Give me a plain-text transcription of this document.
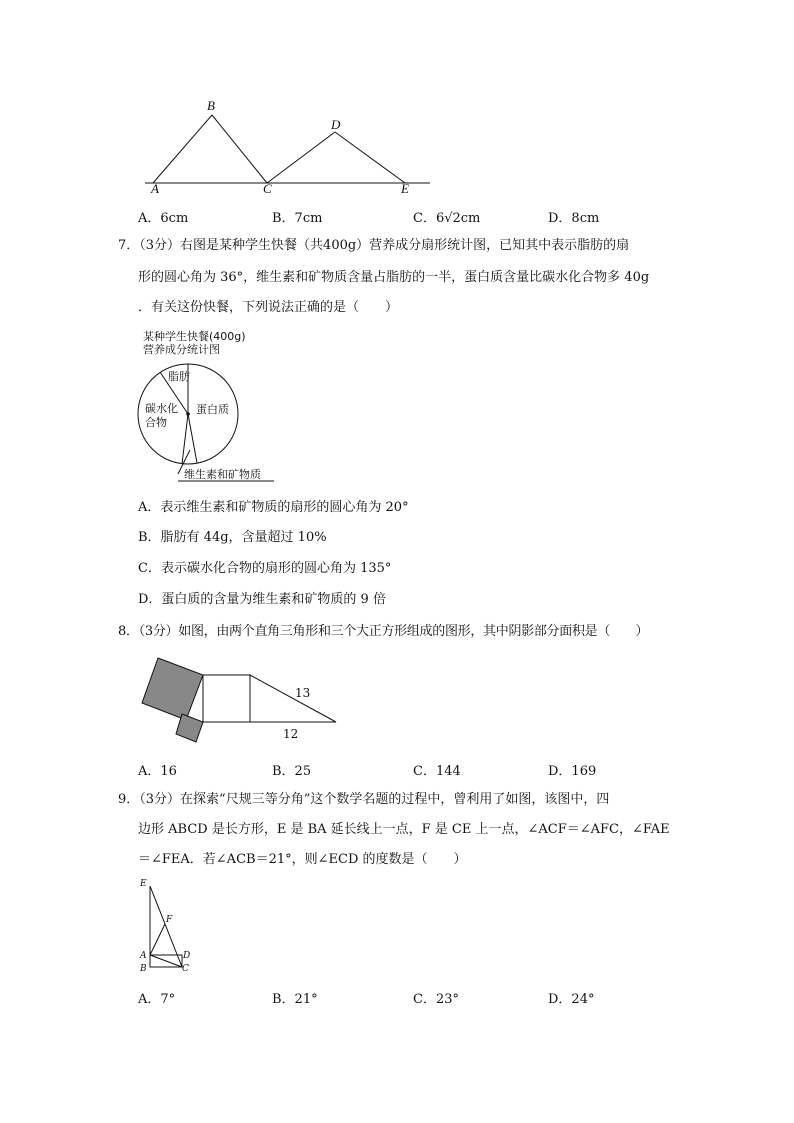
B
A	C
D
E
A．6cm	B．7cm	C．6√2cm	D．8cm
7．（3分）右图是某种学生快餐（共400g）营养成分扇形统计图，已知其中表示脂肪的扇
形的圆心角为 36°，维生素和矿物质含量占脂肪的一半，蛋白质含量比碳水化合物多 40g
．有关这份快餐，下列说法正确的是（　　）
某种学生快餐(400g)
营养成分统计图
脂肪
碳水化
合物
蛋白质
维生素和矿物质
A．表示维生素和矿物质的扇形的圆心角为 20°
B．脂肪有 44g，含量超过 10%
C．表示碳水化合物的扇形的圆心角为 135°
D．蛋白质的含量为维生素和矿物质的 9 倍
8．（3分）如图，由两个直角三角形和三个大正方形组成的图形，其中阴影部分面积是（　　）
13
12
A．16	B．25	C．144	D．169
9．（3分）在探索“尺规三等分角”这个数学名题的过程中，曾利用了如图，该图中，四
边形 ABCD 是长方形，E 是 BA 延长线上一点，F 是 CE 上一点，∠ACF＝∠AFC，∠FAE
＝∠FEA．若∠ACB＝21°，则∠ECD 的度数是（　　）
E
F
A	D
B	C
A．7°	B．21°	C．23°	D．24°
